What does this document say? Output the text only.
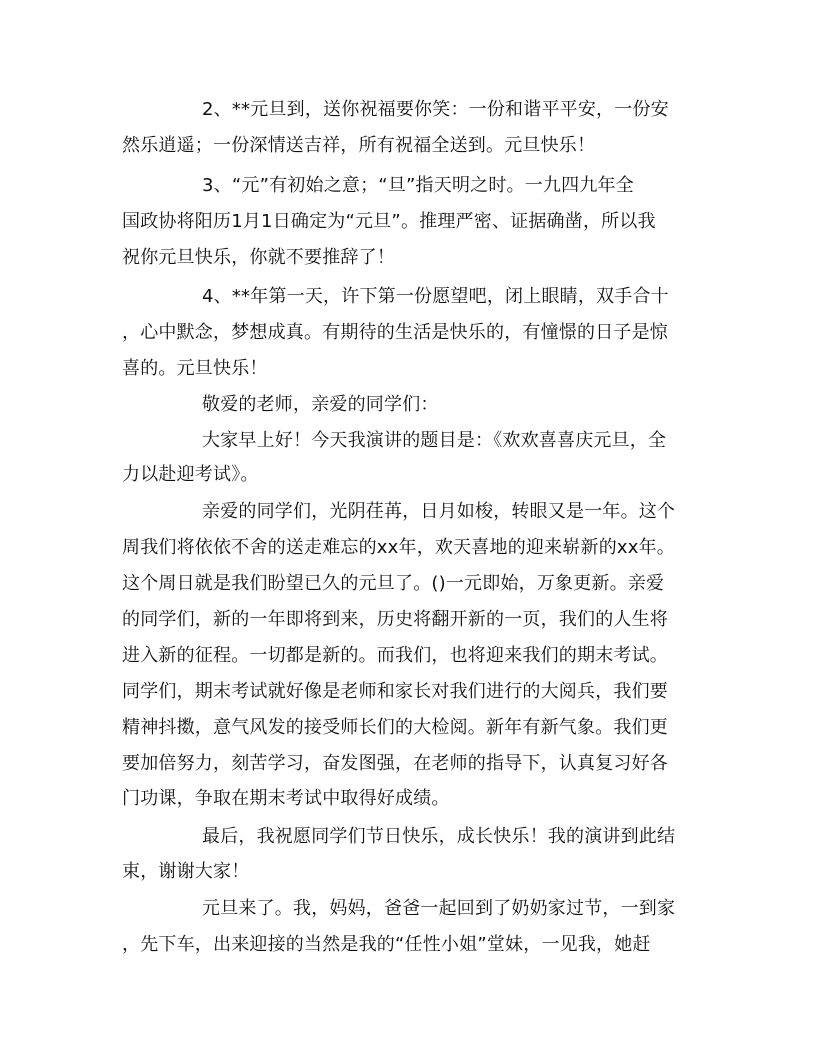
2、**元旦到，送你祝福要你笑：一份和谐平平安，一份安
然乐逍遥；一份深情送吉祥，所有祝福全送到。元旦快乐！
3、“元”有初始之意；“旦”指天明之时。一九四九年全
国政协将阳历1月1日确定为“元旦”。推理严密、证据确凿，所以我
祝你元旦快乐，你就不要推辞了！
4、**年第一天，许下第一份愿望吧，闭上眼睛，双手合十
，心中默念，梦想成真。有期待的生活是快乐的，有憧憬的日子是惊
喜的。元旦快乐！
敬爱的老师，亲爱的同学们：
大家早上好！今天我演讲的题目是：《欢欢喜喜庆元旦，全
力以赴迎考试》。
亲爱的同学们，光阴荏苒，日月如梭，转眼又是一年。这个
周我们将依依不舍的送走难忘的xx年，欢天喜地的迎来崭新的xx年。
这个周日就是我们盼望已久的元旦了。()一元即始，万象更新。亲爱
的同学们，新的一年即将到来，历史将翻开新的一页，我们的人生将
进入新的征程。一切都是新的。而我们，也将迎来我们的期末考试。
同学们，期末考试就好像是老师和家长对我们进行的大阅兵，我们要
精神抖擞，意气风发的接受师长们的大检阅。新年有新气象。我们更
要加倍努力，刻苦学习，奋发图强，在老师的指导下，认真复习好各
门功课，争取在期末考试中取得好成绩。
最后，我祝愿同学们节日快乐，成长快乐！我的演讲到此结
束，谢谢大家！
元旦来了。我，妈妈，爸爸一起回到了奶奶家过节，一到家
，先下车，出来迎接的当然是我的“任性小姐”堂妹，一见我，她赶
